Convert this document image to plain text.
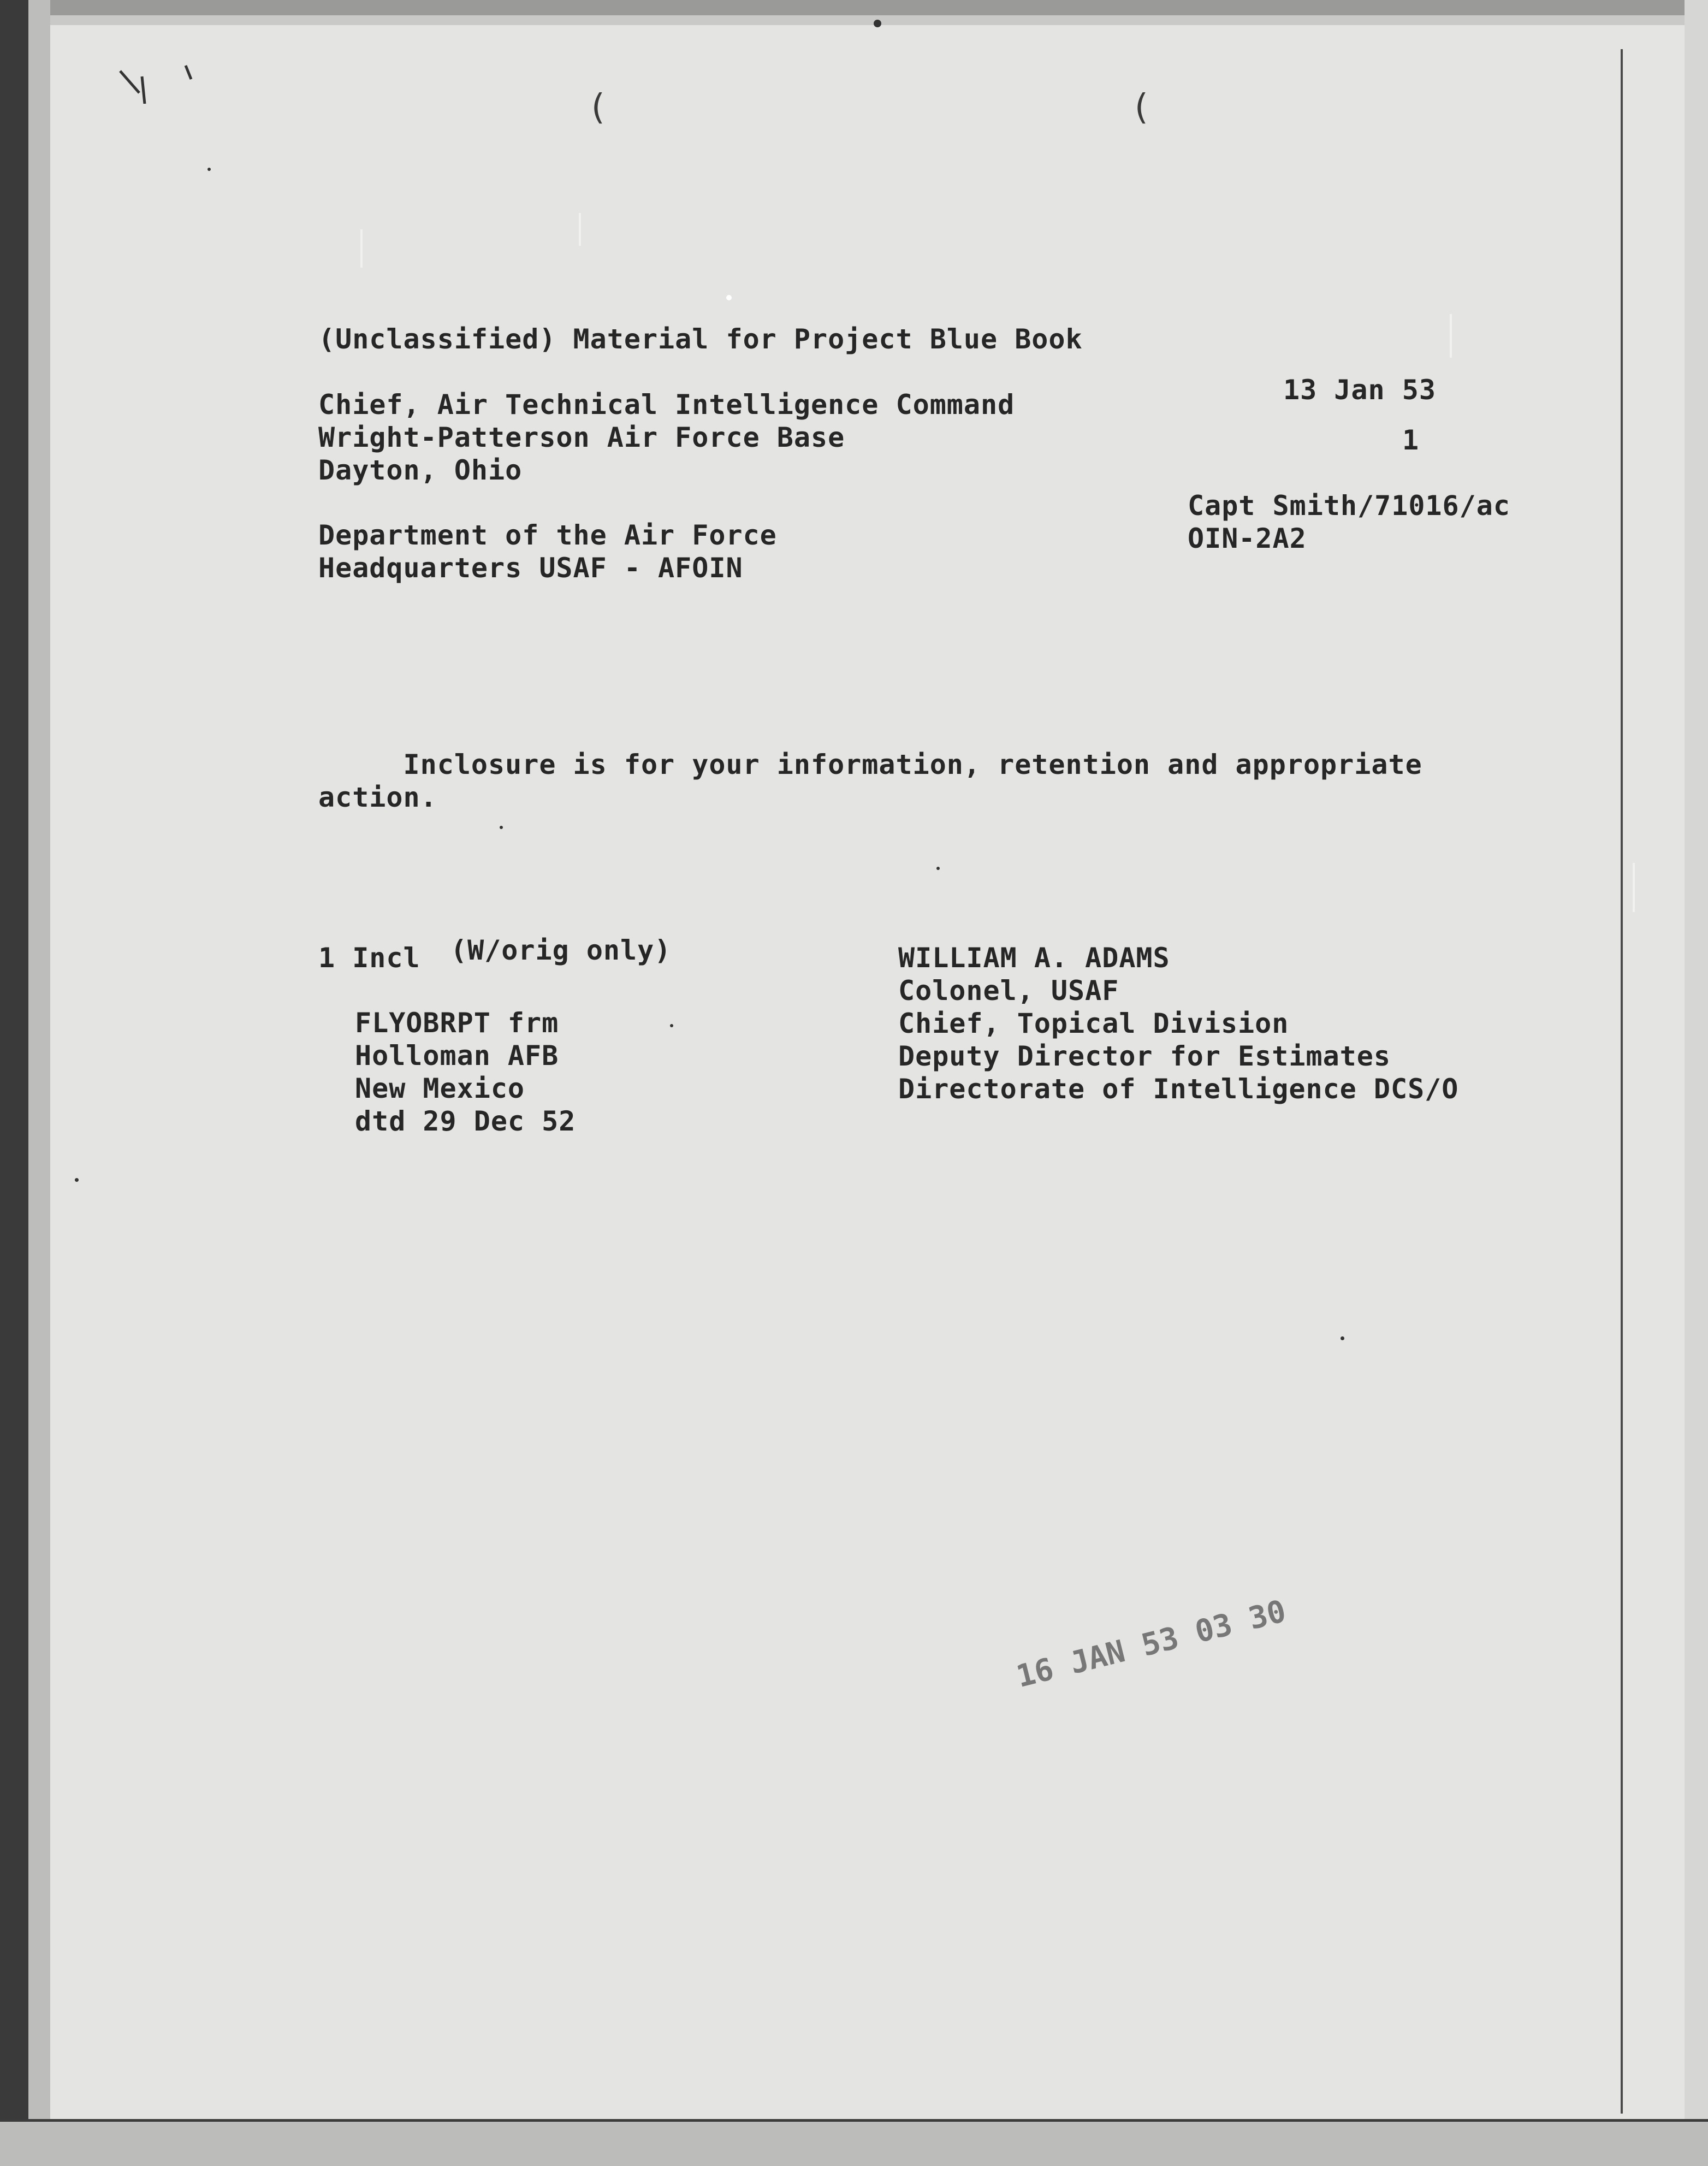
(	(
(Unclassified) Material for Project Blue Book
Chief, Air Technical Intelligence Command
Wright-Patterson Air Force Base
Dayton, Ohio
13 Jan 53
1
Capt Smith/71016/ac
OIN-2A2
Department of the Air Force
Headquarters USAF - AFOIN
Inclosure is for your information, retention and appropriate
action.
1 Incl (W/orig only)
FLYOBRPT frm
Holloman AFB
New Mexico
dtd 29 Dec 52
WILLIAM A. ADAMS
Colonel, USAF
Chief, Topical Division
Deputy Director for Estimates
Directorate of Intelligence DCS/O
16 JAN 53 03 30
